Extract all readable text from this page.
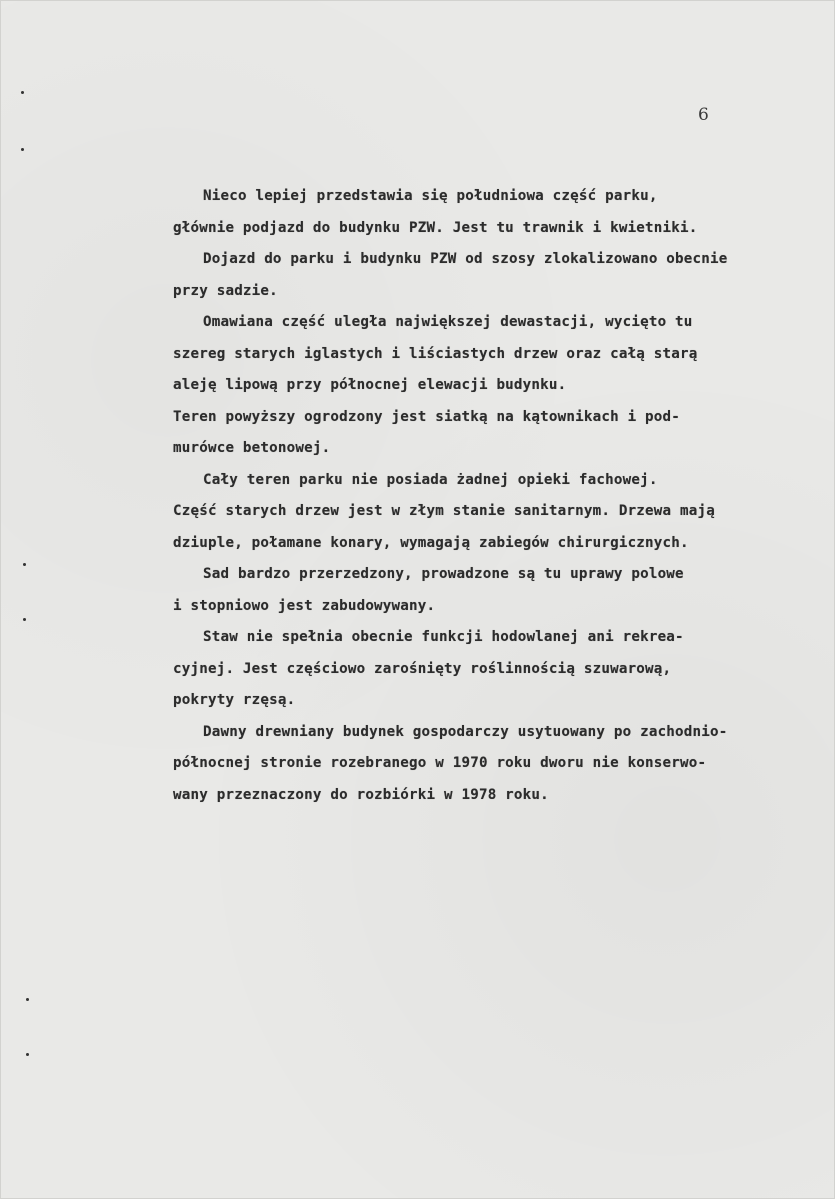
6
Nieco lepiej przedstawia się południowa część parku,
głównie podjazd do budynku PZW. Jest tu trawnik i kwietniki.
Dojazd do parku i budynku PZW od szosy zlokalizowano obecnie
przy sadzie.
Omawiana część uległa największej dewastacji, wycięto tu
szereg starych iglastych i liściastych drzew oraz całą starą
aleję lipową przy północnej elewacji budynku.
Teren powyższy ogrodzony jest siatką na kątownikach i pod-
murówce betonowej.
Cały teren parku nie posiada żadnej opieki fachowej.
Część starych drzew jest w złym stanie sanitarnym. Drzewa mają
dziuple, połamane konary, wymagają zabiegów chirurgicznych.
Sad bardzo przerzedzony, prowadzone są tu uprawy polowe
i stopniowo jest zabudowywany.
Staw nie spełnia obecnie funkcji hodowlanej ani rekrea-
cyjnej. Jest częściowo zarośnięty roślinnością szuwarową,
pokryty rzęsą.
Dawny drewniany budynek gospodarczy usytuowany po zachodnio-
północnej stronie rozebranego w 1970 roku dworu nie konserwo-
wany przeznaczony do rozbiórki w 1978 roku.
